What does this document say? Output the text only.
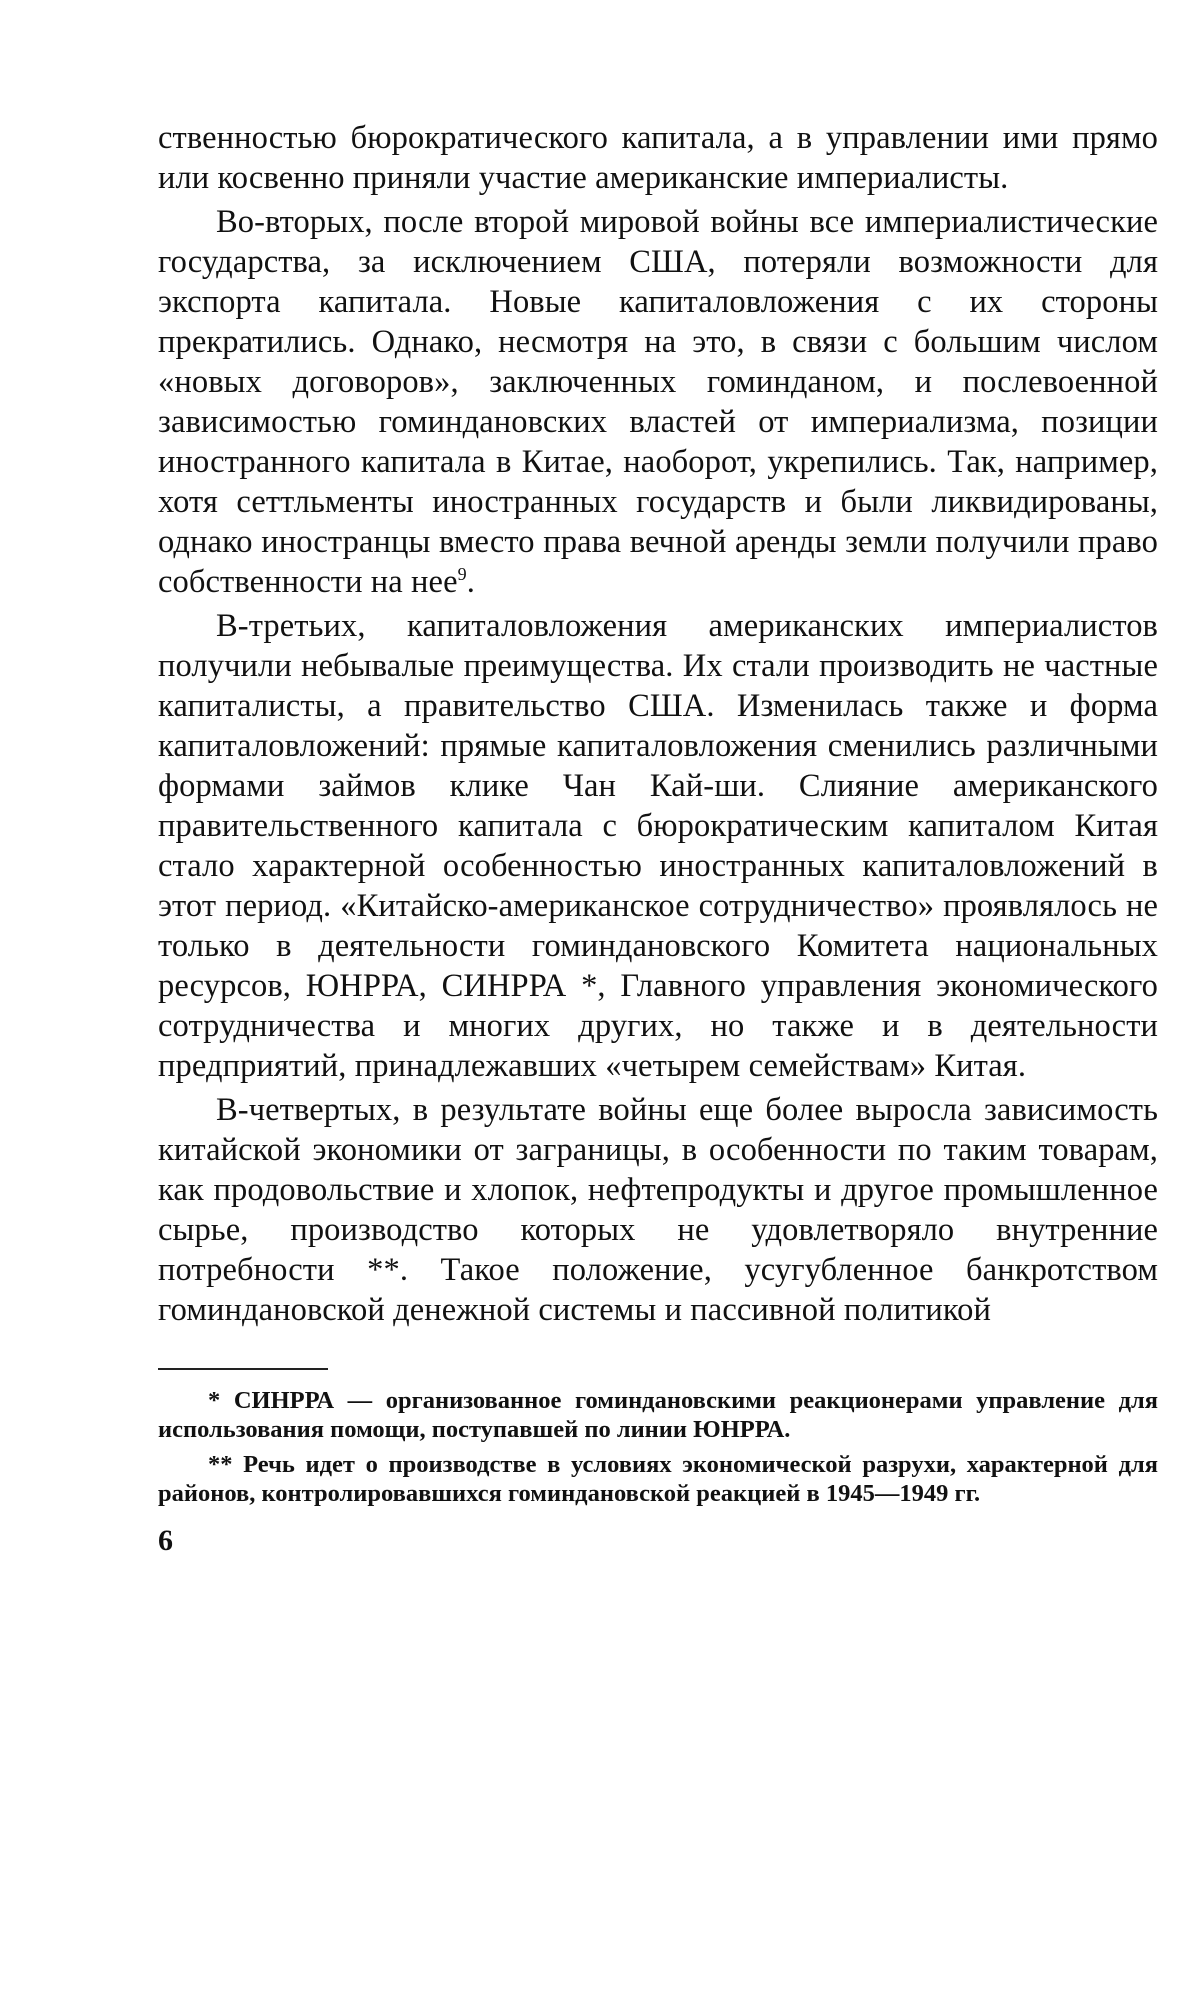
ственностью бюрократического капитала, а в управлении ими прямо или косвенно приняли участие американские империалисты.

Во-вторых, после второй мировой войны все империалистические государства, за исключением США, потеряли возможности для экспорта капитала. Новые капиталовложения с их стороны прекратились. Однако, несмотря на это, в связи с большим числом «новых договоров», заключенных гоминданом, и послевоенной зависимостью гоминдановских властей от империализма, позиции иностранного капитала в Китае, наоборот, укрепились. Так, например, хотя сеттльменты иностранных государств и были ликвидированы, однако иностранцы вместо права вечной аренды земли получили право собственности на нее$^9$.

В-третьих, капиталовложения американских империалистов получили небывалые преимущества. Их стали производить не частные капиталисты, а правительство США. Изменилась также и форма капиталовложений: прямые капиталовложения сменились различными формами займов клике Чан Кай-ши. Слияние американского правительственного капитала с бюрократическим капиталом Китая стало характерной особенностью иностранных капиталовложений в этот период. «Китайско-американское сотрудничество» проявлялось не только в деятельности гоминдановского Комитета национальных ресурсов, ЮНРРА, СИНРРА *, Главного управления экономического сотрудничества и многих других, но также и в деятельности предприятий, принадлежавших «четырем семействам» Китая.

В-четвертых, в результате войны еще более выросла зависимость китайской экономики от заграницы, в особенности по таким товарам, как продовольствие и хлопок, нефтепродукты и другое промышленное сырье, производство которых не удовлетворяло внутренние потребности **. Такое положение, усугубленное банкротством гоминдановской денежной системы и пассивной политикой

* СИНРРА — организованное гоминдановскими реакционерами управление для использования помощи, поступавшей по линии ЮНРРА.

** Речь идет о производстве в условиях экономической разрухи, характерной для районов, контролировавшихся гоминдановской реакцией в 1945—1949 гг.

6
